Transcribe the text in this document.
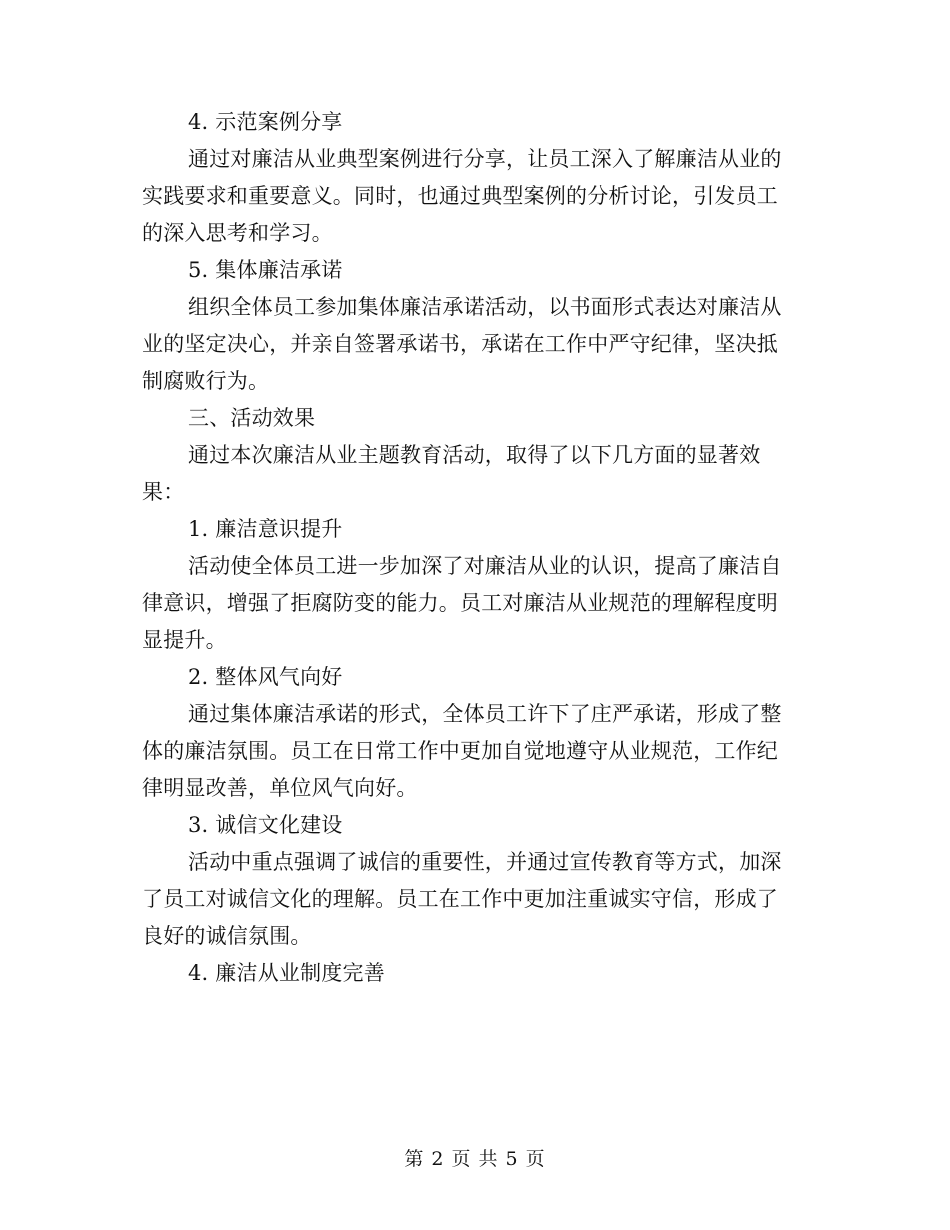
4. 示范案例分享
通过对廉洁从业典型案例进行分享，让员工深入了解廉洁从业的
实践要求和重要意义。同时，也通过典型案例的分析讨论，引发员工
的深入思考和学习。
5. 集体廉洁承诺
组织全体员工参加集体廉洁承诺活动，以书面形式表达对廉洁从
业的坚定决心，并亲自签署承诺书，承诺在工作中严守纪律，坚决抵
制腐败行为。
三、活动效果
通过本次廉洁从业主题教育活动，取得了以下几方面的显著效
果：
1. 廉洁意识提升
活动使全体员工进一步加深了对廉洁从业的认识，提高了廉洁自
律意识，增强了拒腐防变的能力。员工对廉洁从业规范的理解程度明
显提升。
2. 整体风气向好
通过集体廉洁承诺的形式，全体员工许下了庄严承诺，形成了整
体的廉洁氛围。员工在日常工作中更加自觉地遵守从业规范，工作纪
律明显改善，单位风气向好。
3. 诚信文化建设
活动中重点强调了诚信的重要性，并通过宣传教育等方式，加深
了员工对诚信文化的理解。员工在工作中更加注重诚实守信，形成了
良好的诚信氛围。
4. 廉洁从业制度完善
第 2 页 共 5 页
